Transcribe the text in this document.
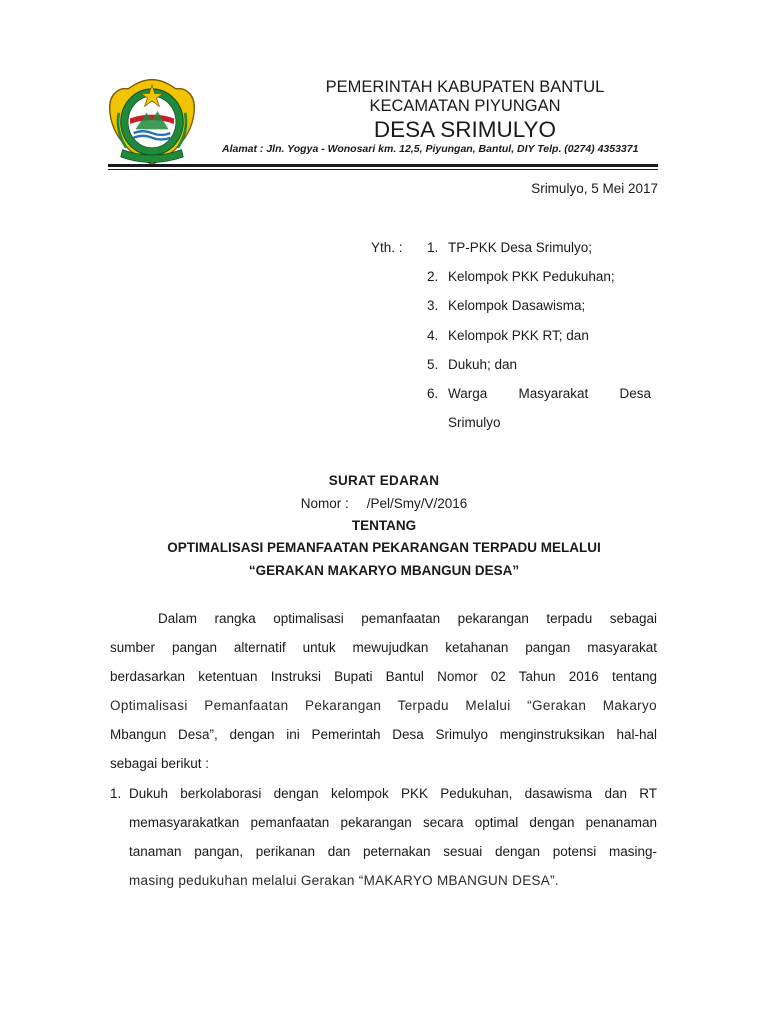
PEMERINTAH KABUPATEN BANTUL
KECAMATAN PIYUNGAN
DESA SRIMULYO
Alamat : Jln. Yogya - Wonosari km. 12,5, Piyungan, Bantul, DIY Telp. (0274) 4353371
Srimulyo, 5 Mei 2017
Yth. : 1. TP-PKK Desa Srimulyo;
2. Kelompok PKK Pedukuhan;
3. Kelompok Dasawisma;
4. Kelompok PKK RT; dan
5. Dukuh; dan
6. Warga Masyarakat Desa
Srimulyo
SURAT EDARAN
Nomor : /Pel/Smy/V/2016
TENTANG
OPTIMALISASI PEMANFAATAN PEKARANGAN TERPADU MELALUI
“GERAKAN MAKARYO MBANGUN DESA”
Dalam rangka optimalisasi pemanfaatan pekarangan terpadu sebagai
sumber pangan alternatif untuk mewujudkan ketahanan pangan masyarakat
berdasarkan ketentuan Instruksi Bupati Bantul Nomor 02 Tahun 2016 tentang
Optimalisasi Pemanfaatan Pekarangan Terpadu Melalui “Gerakan Makaryo
Mbangun Desa”, dengan ini Pemerintah Desa Srimulyo menginstruksikan hal-hal
sebagai berikut :
1. Dukuh berkolaborasi dengan kelompok PKK Pedukuhan, dasawisma dan RT
memasyarakatkan pemanfaatan pekarangan secara optimal dengan penanaman
tanaman pangan, perikanan dan peternakan sesuai dengan potensi masing-
masing pedukuhan melalui Gerakan “MAKARYO MBANGUN DESA”.
